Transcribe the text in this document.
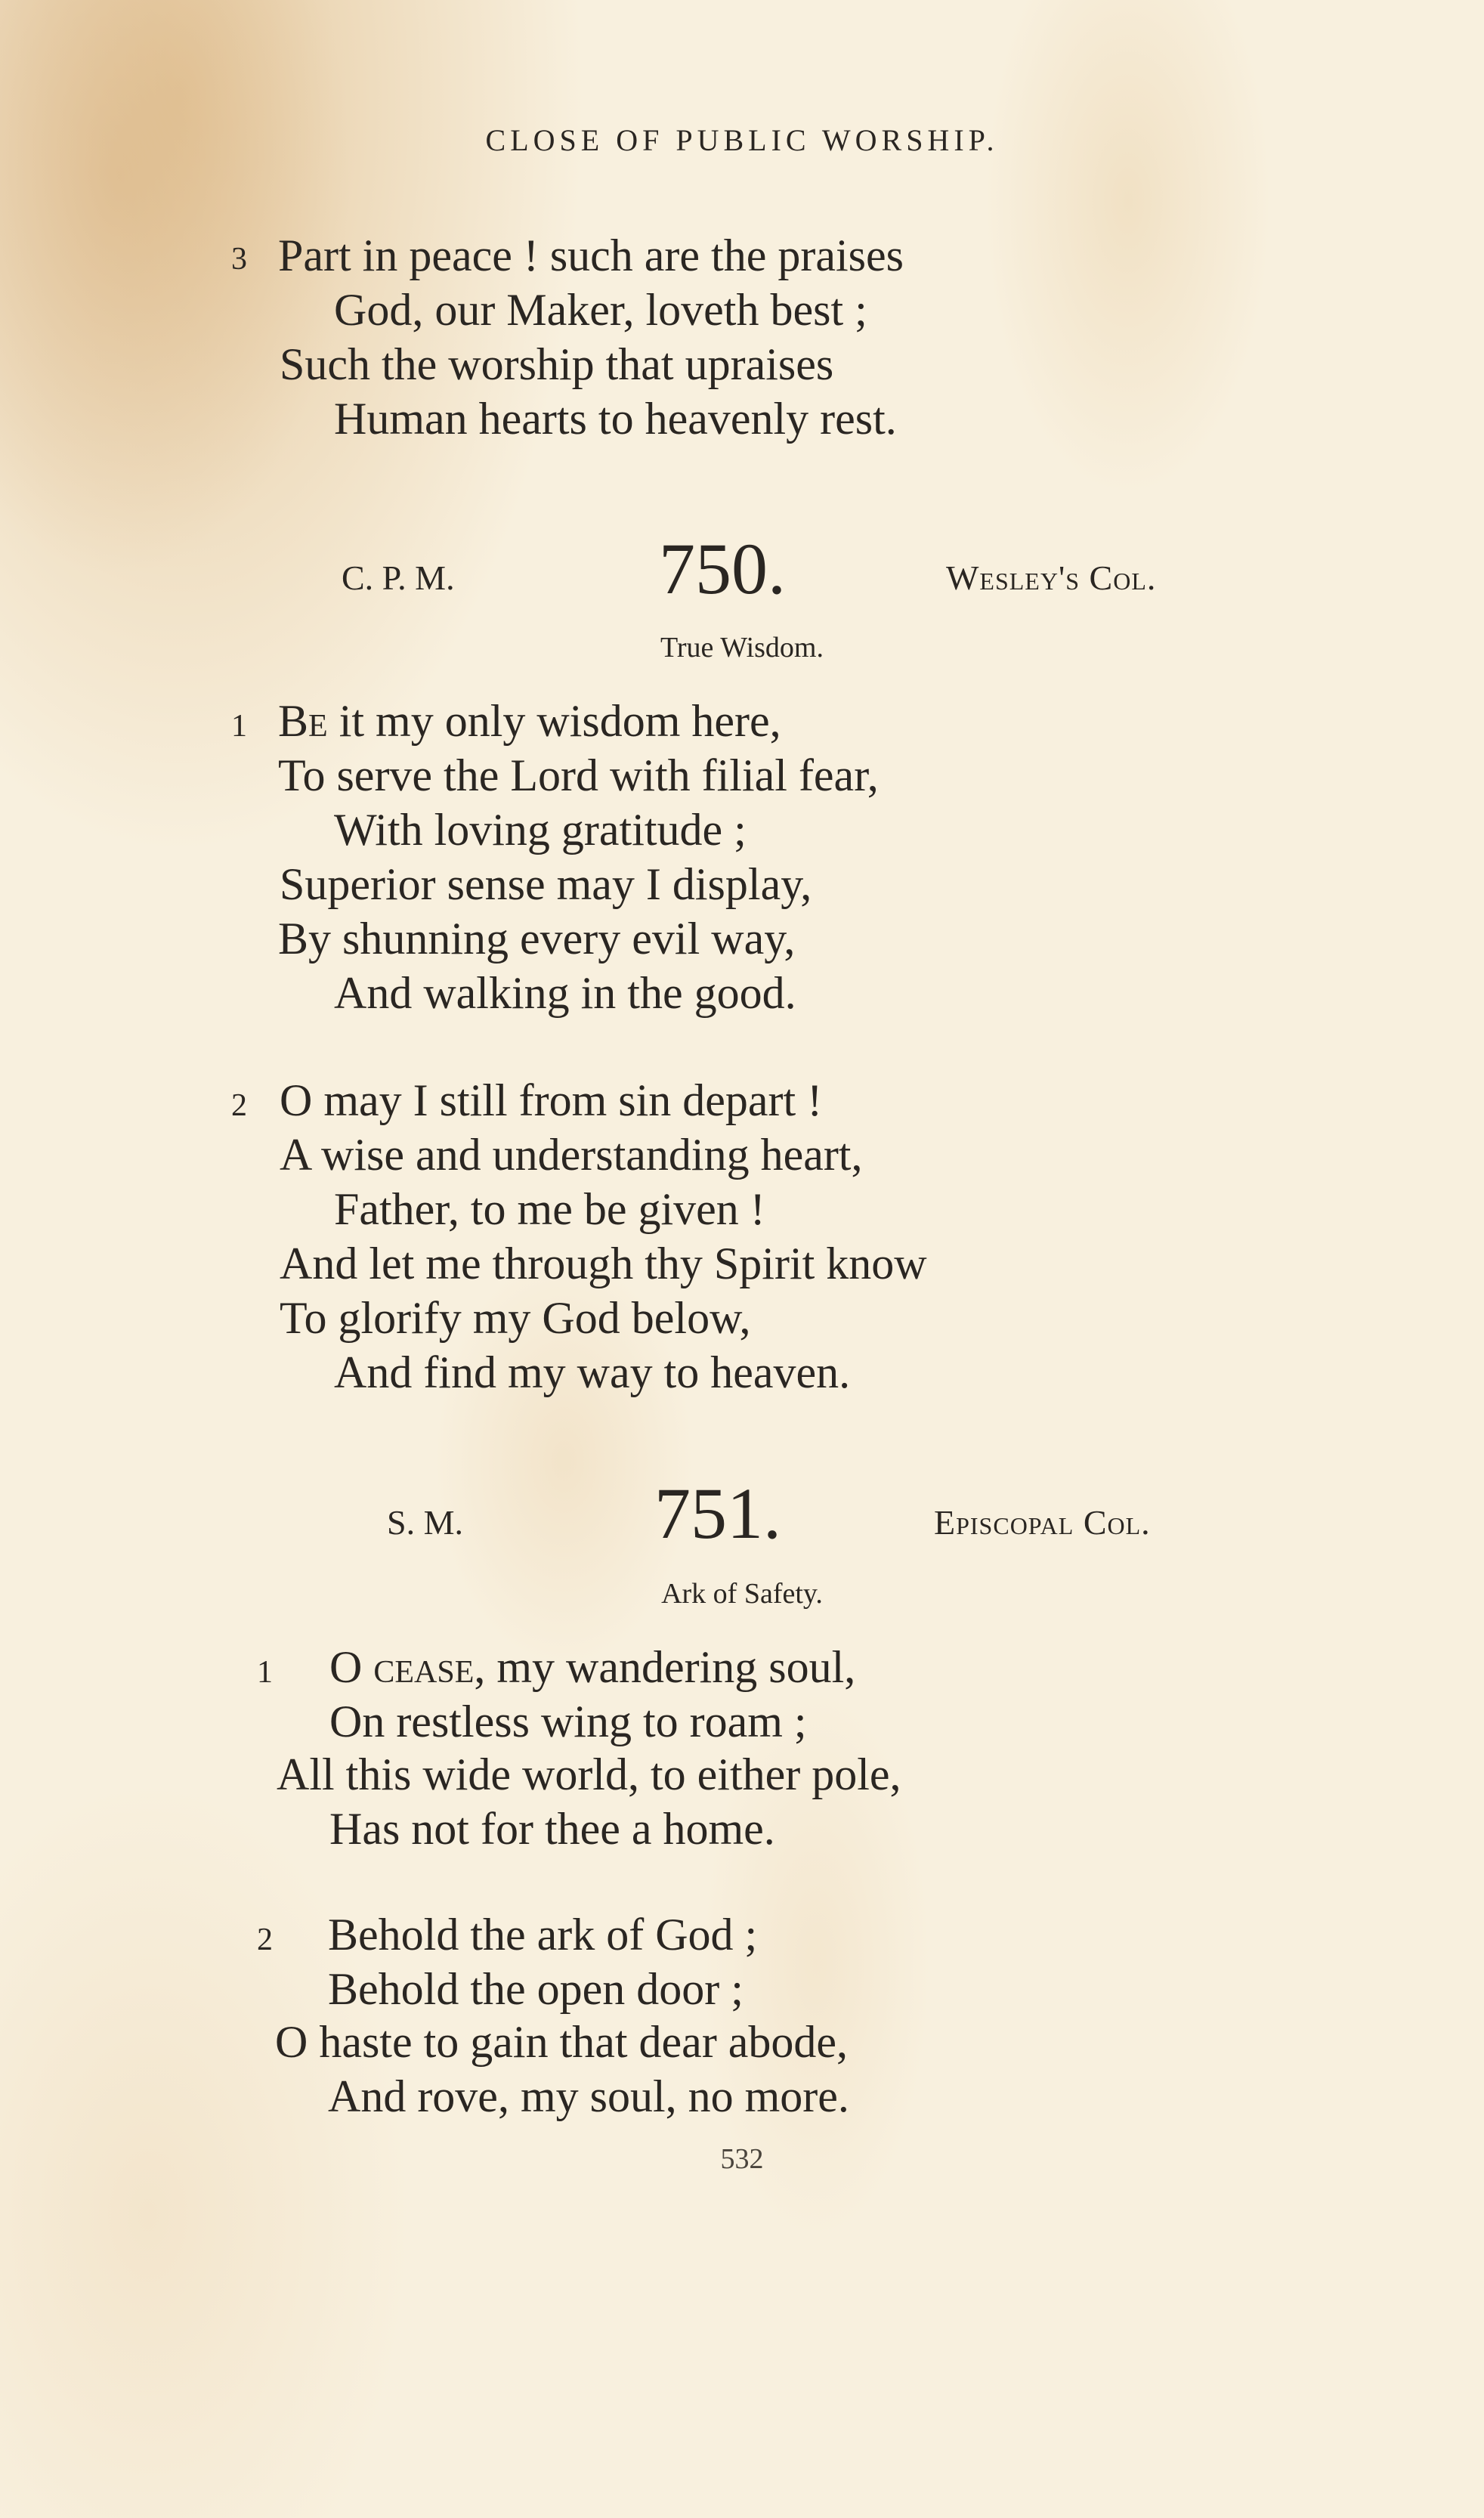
CLOSE OF PUBLIC WORSHIP.
3 Part in peace ! such are the praises
God, our Maker, loveth best ;
Such the worship that upraises
Human hearts to heavenly rest.
C. P. M.	750.	Wesley's Col.
True Wisdom.
1 Be it my only wisdom here,
To serve the Lord with filial fear,
With loving gratitude ;
Superior sense may I display,
By shunning every evil way,
And walking in the good.
2 O may I still from sin depart !
A wise and understanding heart,
Father, to me be given !
And let me through thy Spirit know
To glorify my God below,
And find my way to heaven.
S. M.	751.	Episcopal Col.
Ark of Safety.
1 O cease, my wandering soul,
On restless wing to roam ;
All this wide world, to either pole,
Has not for thee a home.
2 Behold the ark of God ;
Behold the open door ;
O haste to gain that dear abode,
And rove, my soul, no more.
532
